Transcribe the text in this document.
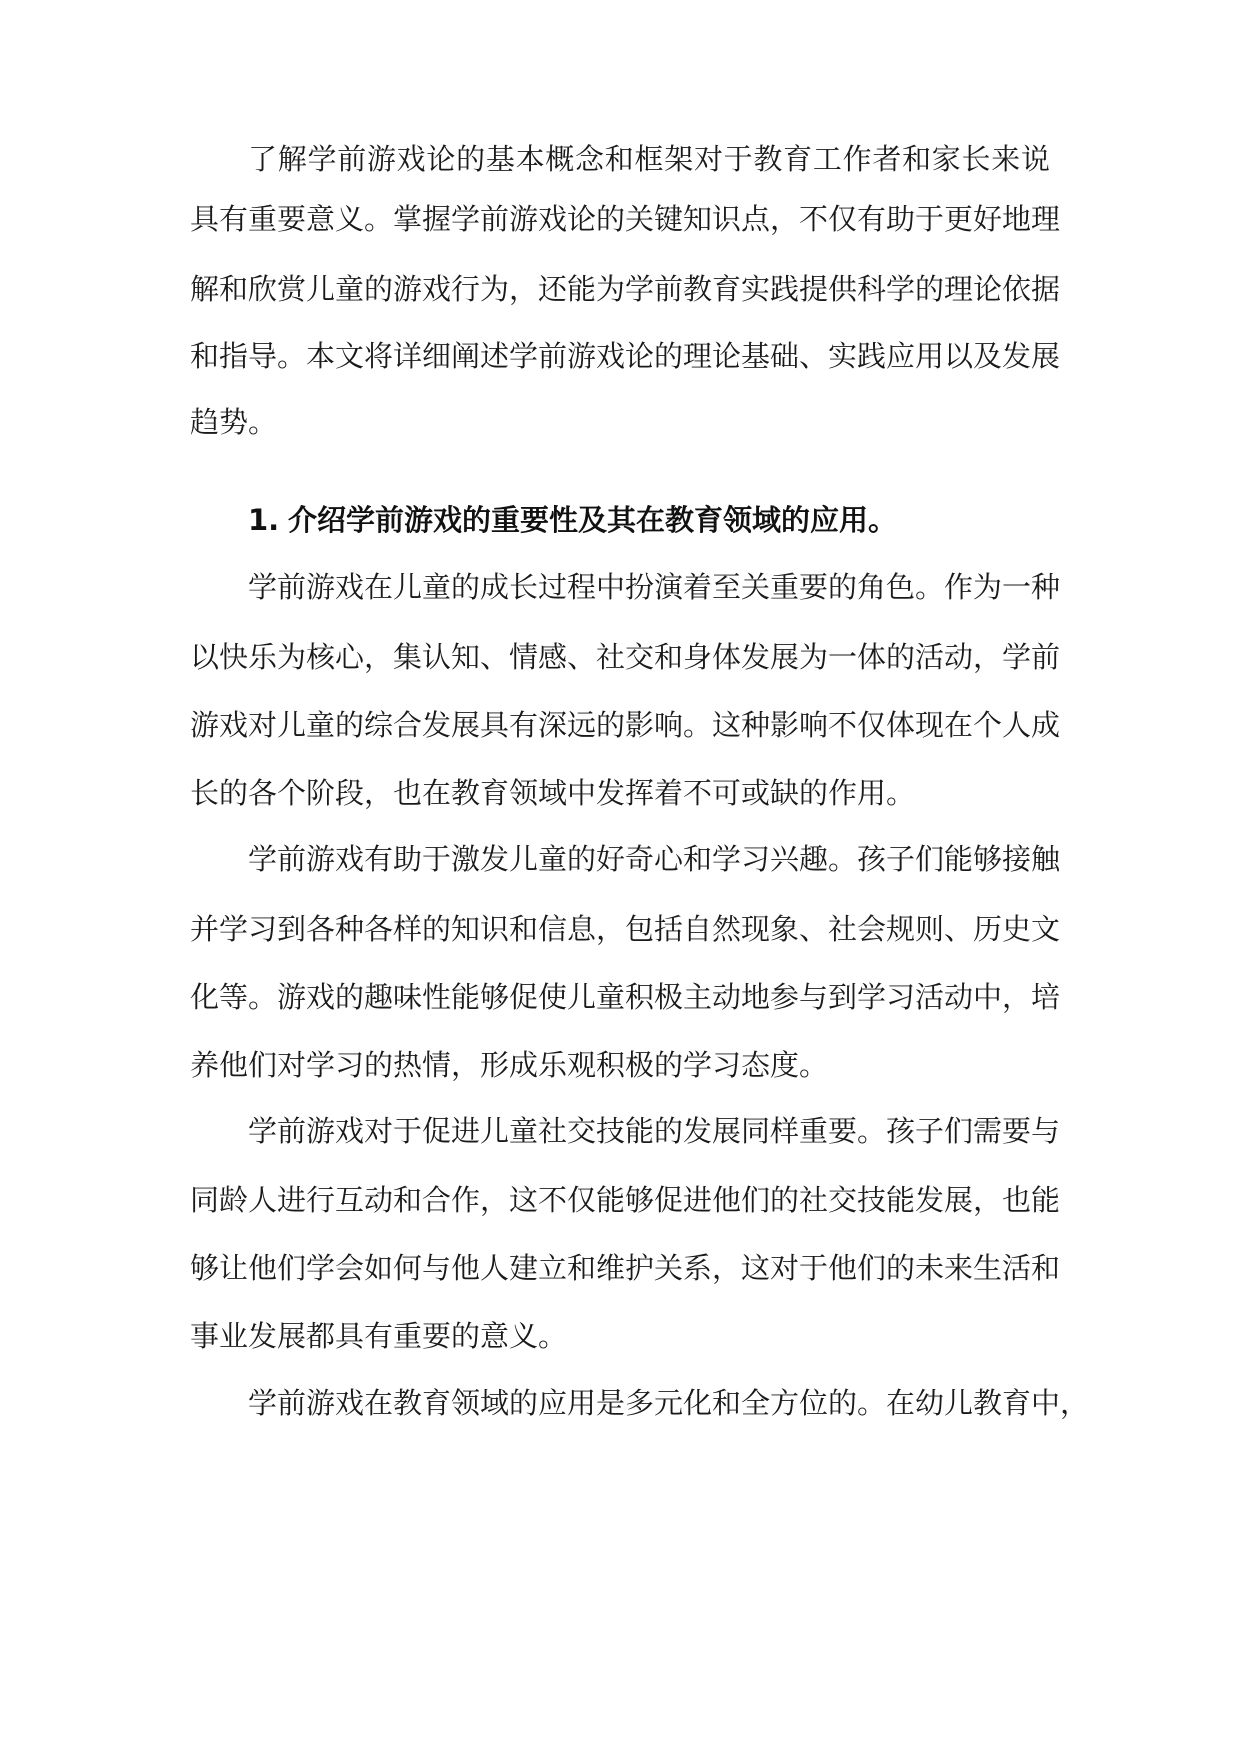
了解学前游戏论的基本概念和框架对于教育工作者和家长来说

具有重要意义。掌握学前游戏论的关键知识点，不仅有助于更好地理

解和欣赏儿童的游戏行为，还能为学前教育实践提供科学的理论依据

和指导。本文将详细阐述学前游戏论的理论基础、实践应用以及发展

趋势。

1. 介绍学前游戏的重要性及其在教育领域的应用。

学前游戏在儿童的成长过程中扮演着至关重要的角色。作为一种

以快乐为核心，集认知、情感、社交和身体发展为一体的活动，学前

游戏对儿童的综合发展具有深远的影响。这种影响不仅体现在个人成

长的各个阶段，也在教育领域中发挥着不可或缺的作用。

学前游戏有助于激发儿童的好奇心和学习兴趣。孩子们能够接触

并学习到各种各样的知识和信息，包括自然现象、社会规则、历史文

化等。游戏的趣味性能够促使儿童积极主动地参与到学习活动中，培

养他们对学习的热情，形成乐观积极的学习态度。

学前游戏对于促进儿童社交技能的发展同样重要。孩子们需要与

同龄人进行互动和合作，这不仅能够促进他们的社交技能发展，也能

够让他们学会如何与他人建立和维护关系，这对于他们的未来生活和

事业发展都具有重要的意义。

学前游戏在教育领域的应用是多元化和全方位的。在幼儿教育中，
